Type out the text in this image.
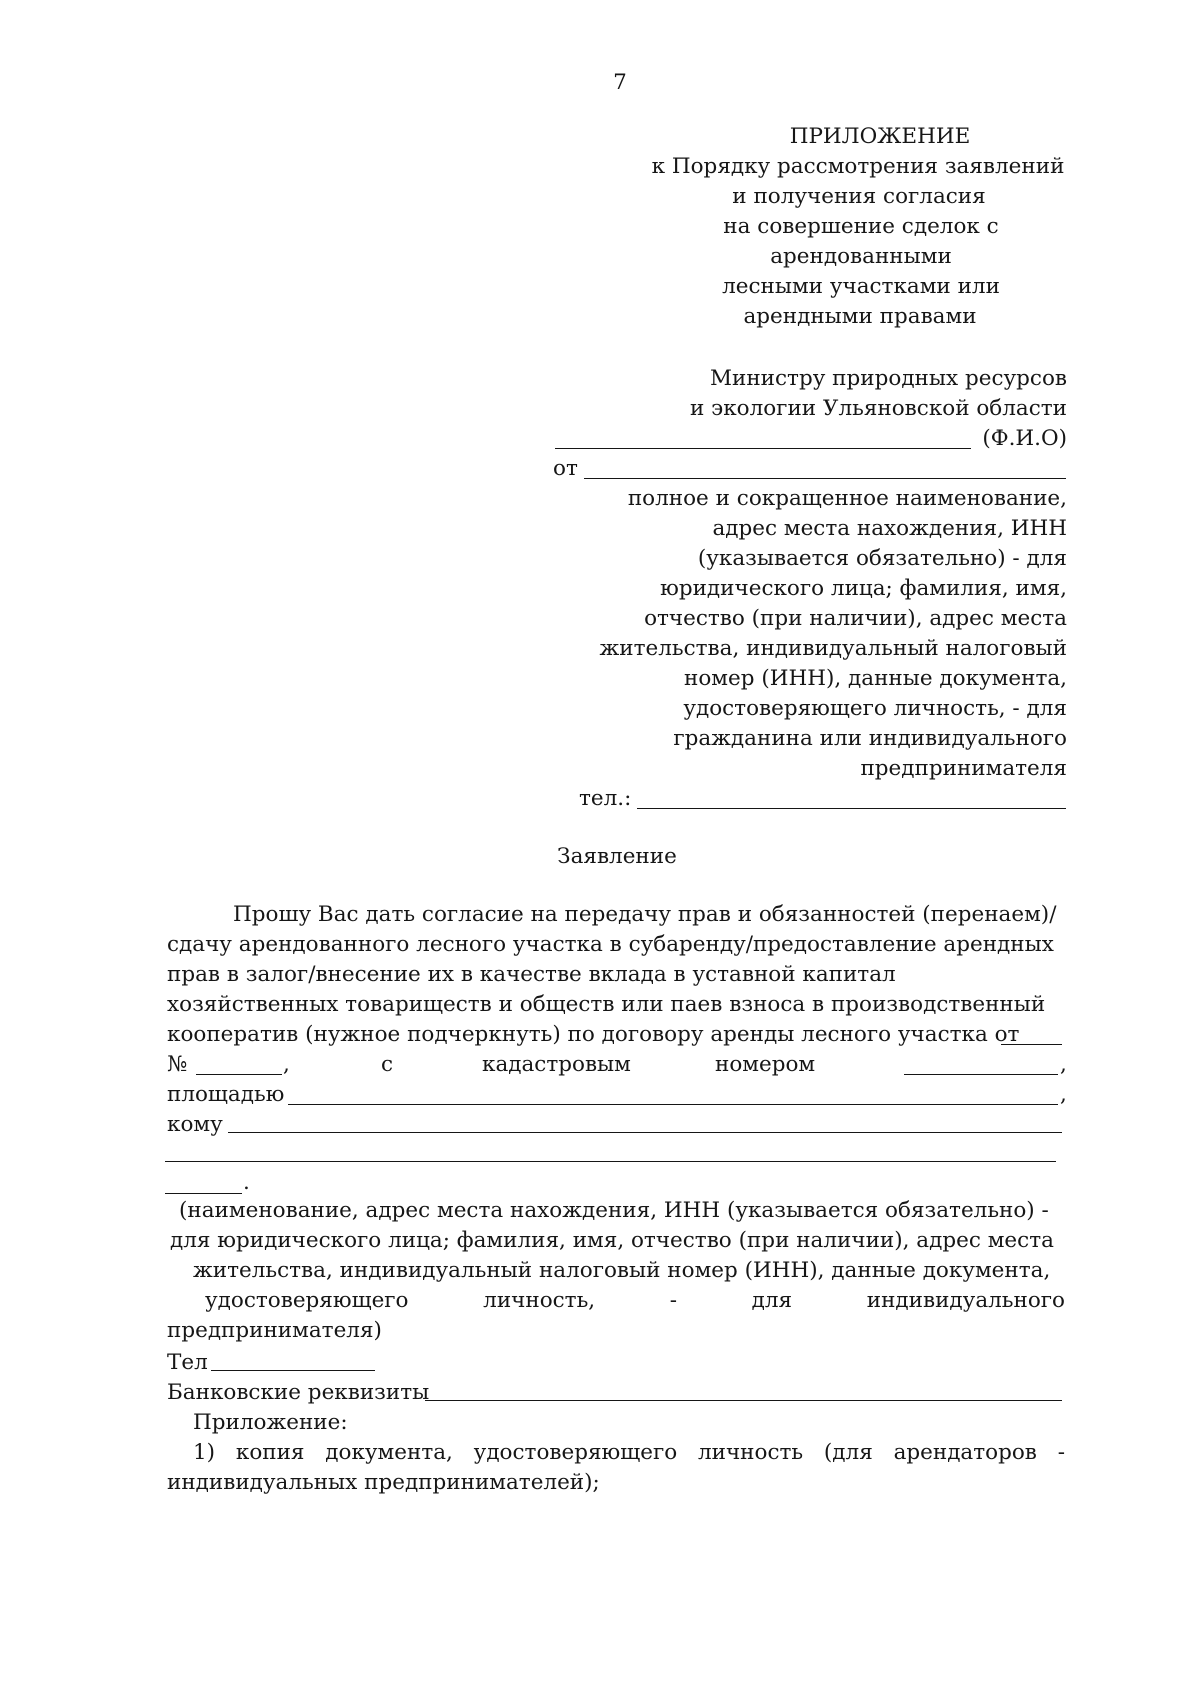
7
ПРИЛОЖЕНИЕ
к Порядку рассмотрения заявлений
и получения согласия
на совершение сделок с
арендованными
лесными участками или
арендными правами
Министру природных ресурсов
и экологии Ульяновской области
(Ф.И.О)
от
полное и сокращенное наименование,
адрес места нахождения, ИНН
(указывается обязательно) - для
юридического лица; фамилия, имя,
отчество (при наличии), адрес места
жительства, индивидуальный налоговый
номер (ИНН), данные документа,
удостоверяющего личность, - для
гражданина или индивидуального
предпринимателя
тел.:
Заявление
Прошу Вас дать согласие на передачу прав и обязанностей (перенаем)/
сдачу арендованного лесного участка в субаренду/предоставление арендных
прав в залог/внесение их в качестве вклада в уставной капитал
хозяйственных товариществ и обществ или паев взноса в производственный
кооператив (нужное подчеркнуть) по договору аренды лесного участка от
№	,	с	кадастровым	номером	,
площадью	,
кому
.
(наименование, адрес места нахождения, ИНН (указывается обязательно) -
для юридического лица; фамилия, имя, отчество (при наличии), адрес места
жительства, индивидуальный налоговый номер (ИНН), данные документа,
удостоверяющего	личность,	-	для	индивидуального
предпринимателя)
Тел
Банковские реквизиты
Приложение:
1) копия документа, удостоверяющего личность (для арендаторов -
индивидуальных предпринимателей);
